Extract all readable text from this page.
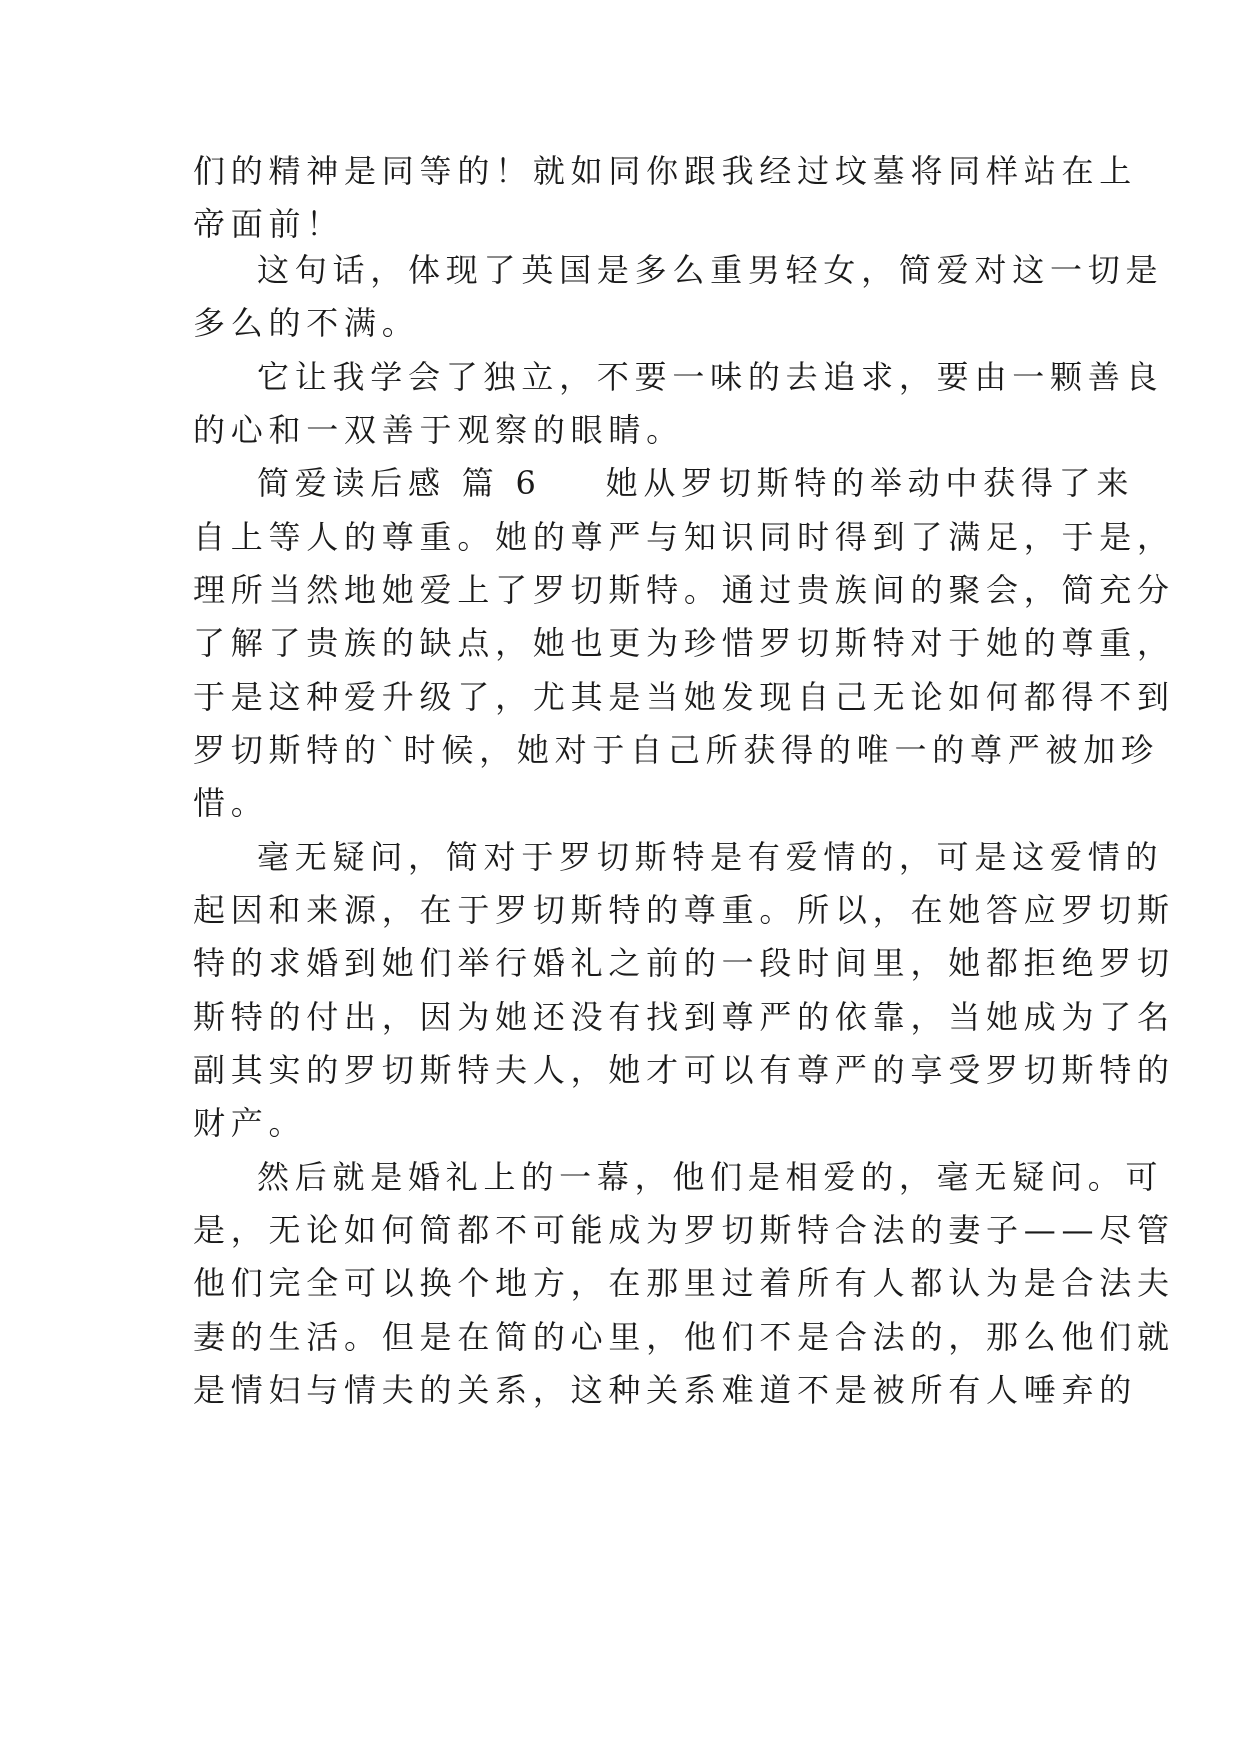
们的精神是同等的！就如同你跟我经过坟墓将同样站在上
帝面前！
这句话，体现了英国是多么重男轻女，简爱对这一切是
多么的不满。
它让我学会了独立，不要一味的去追求，要由一颗善良
的心和一双善于观察的眼睛。
简爱读后感 篇 6 她从罗切斯特的举动中获得了来
自上等人的尊重。她的尊严与知识同时得到了满足，于是，
理所当然地她爱上了罗切斯特。通过贵族间的聚会，简充分
了解了贵族的缺点，她也更为珍惜罗切斯特对于她的尊重，
于是这种爱升级了，尤其是当她发现自己无论如何都得不到
罗切斯特的`时候，她对于自己所获得的唯一的尊严被加珍
惜。
毫无疑问，简对于罗切斯特是有爱情的，可是这爱情的
起因和来源，在于罗切斯特的尊重。所以，在她答应罗切斯
特的求婚到她们举行婚礼之前的一段时间里，她都拒绝罗切
斯特的付出，因为她还没有找到尊严的依靠，当她成为了名
副其实的罗切斯特夫人，她才可以有尊严的享受罗切斯特的
财产。
然后就是婚礼上的一幕，他们是相爱的，毫无疑问。可
是，无论如何简都不可能成为罗切斯特合法的妻子——尽管
他们完全可以换个地方，在那里过着所有人都认为是合法夫
妻的生活。但是在简的心里，他们不是合法的，那么他们就
是情妇与情夫的关系，这种关系难道不是被所有人唾弃的
